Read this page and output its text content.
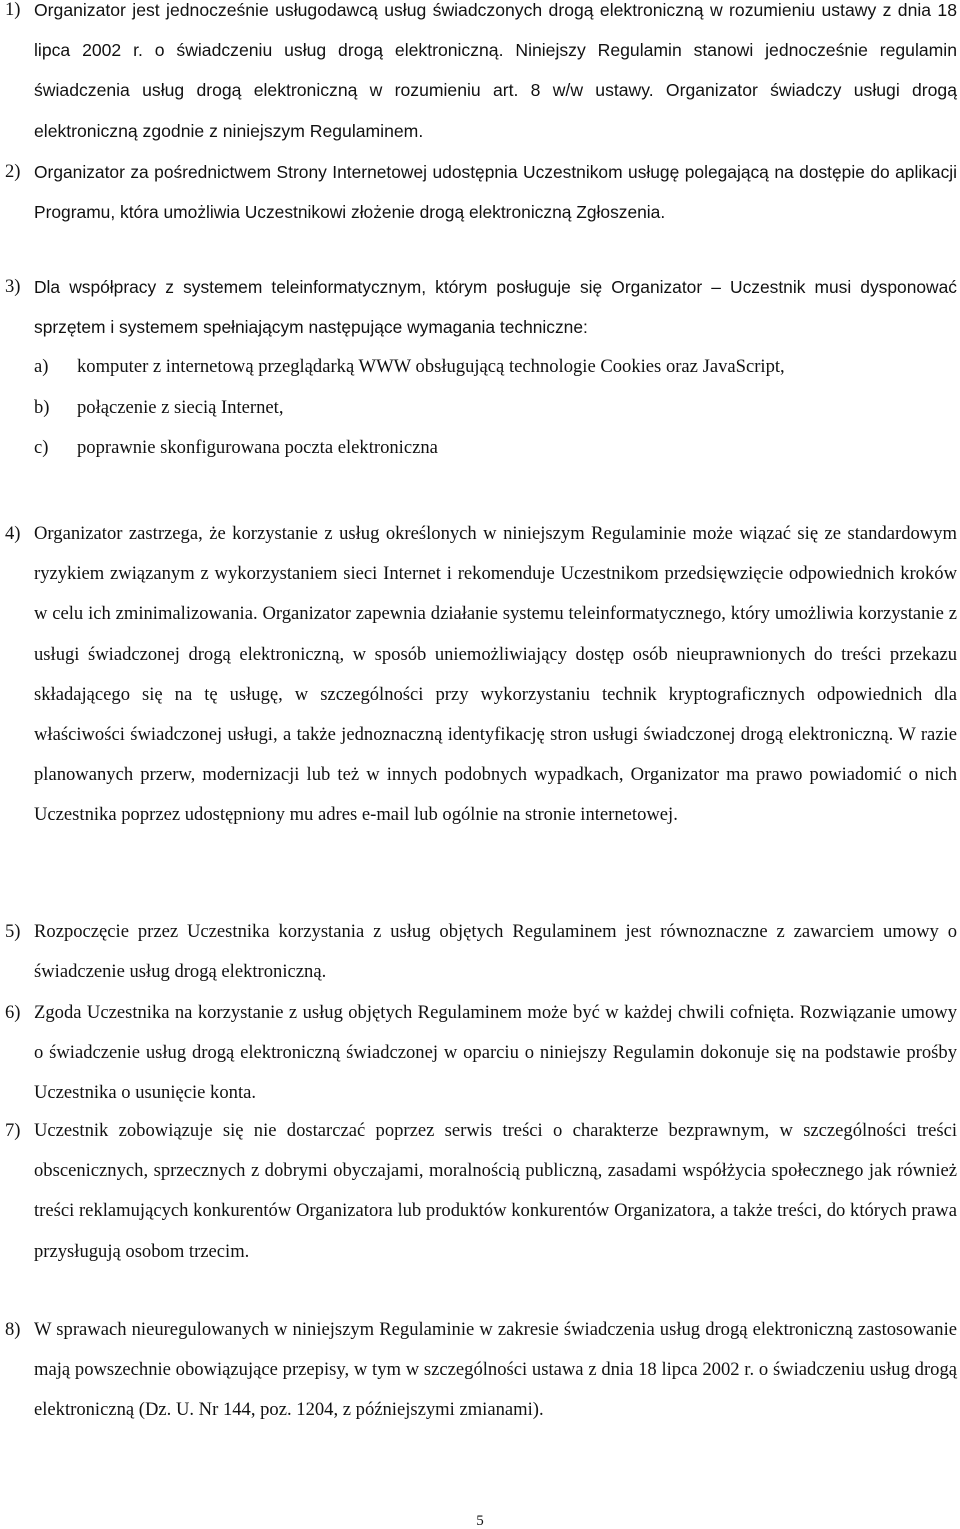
1) Organizator jest jednocześnie usługodawcą usług świadczonych drogą elektroniczną w rozumieniu ustawy z dnia 18 lipca 2002 r. o świadczeniu usług drogą elektroniczną. Niniejszy Regulamin stanowi jednocześnie regulamin świadczenia usług drogą elektroniczną w rozumieniu art. 8 w/w ustawy. Organizator świadczy usługi drogą elektroniczną zgodnie z niniejszym Regulaminem.
2) Organizator za pośrednictwem Strony Internetowej udostępnia Uczestnikom usługę polegającą na dostępie do aplikacji Programu, która umożliwia Uczestnikowi złożenie drogą elektroniczną Zgłoszenia.
3) Dla współpracy z systemem teleinformatycznym, którym posługuje się Organizator – Uczestnik musi dysponować sprzętem i systemem spełniającym następujące wymagania techniczne:
a) komputer z internetową przeglądarką WWW obsługującą technologie Cookies oraz JavaScript,
b) połączenie z siecią Internet,
c) poprawnie skonfigurowana poczta elektroniczna
4) Organizator zastrzega, że korzystanie z usług określonych w niniejszym Regulaminie może wiązać się ze standardowym ryzykiem związanym z wykorzystaniem sieci Internet i rekomenduje Uczestnikom przedsięwzięcie odpowiednich kroków w celu ich zminimalizowania. Organizator zapewnia działanie systemu teleinformatycznego, który umożliwia korzystanie z usługi świadczonej drogą elektroniczną, w sposób uniemożliwiający dostęp osób nieuprawnionych do treści przekazu składającego się na tę usługę, w szczególności przy wykorzystaniu technik kryptograficznych odpowiednich dla właściwości świadczonej usługi, a także jednoznaczną identyfikację stron usługi świadczonej drogą elektroniczną. W razie planowanych przerw, modernizacji lub też w innych podobnych wypadkach, Organizator ma prawo powiadomić o nich Uczestnika poprzez udostępniony mu adres e-mail lub ogólnie na stronie internetowej.
5) Rozpoczęcie przez Uczestnika korzystania z usług objętych Regulaminem jest równoznaczne z zawarciem umowy o świadczenie usług drogą elektroniczną.
6) Zgoda Uczestnika na korzystanie z usług objętych Regulaminem może być w każdej chwili cofnięta. Rozwiązanie umowy o świadczenie usług drogą elektroniczną świadczonej w oparciu o niniejszy Regulamin dokonuje się na podstawie prośby Uczestnika o usunięcie konta.
7) Uczestnik zobowiązuje się nie dostarczać poprzez serwis treści o charakterze bezprawnym, w szczególności treści obscenicznych, sprzecznych z dobrymi obyczajami, moralnością publiczną, zasadami współżycia społecznego jak również treści reklamujących konkurentów Organizatora lub produktów konkurentów Organizatora, a także treści, do których prawa przysługują osobom trzecim.
8) W sprawach nieuregulowanych w niniejszym Regulaminie w zakresie świadczenia usług drogą elektroniczną zastosowanie mają powszechnie obowiązujące przepisy, w tym w szczególności ustawa z dnia 18 lipca 2002 r. o świadczeniu usług drogą elektroniczną (Dz. U. Nr 144, poz. 1204, z późniejszymi zmianami).
5
